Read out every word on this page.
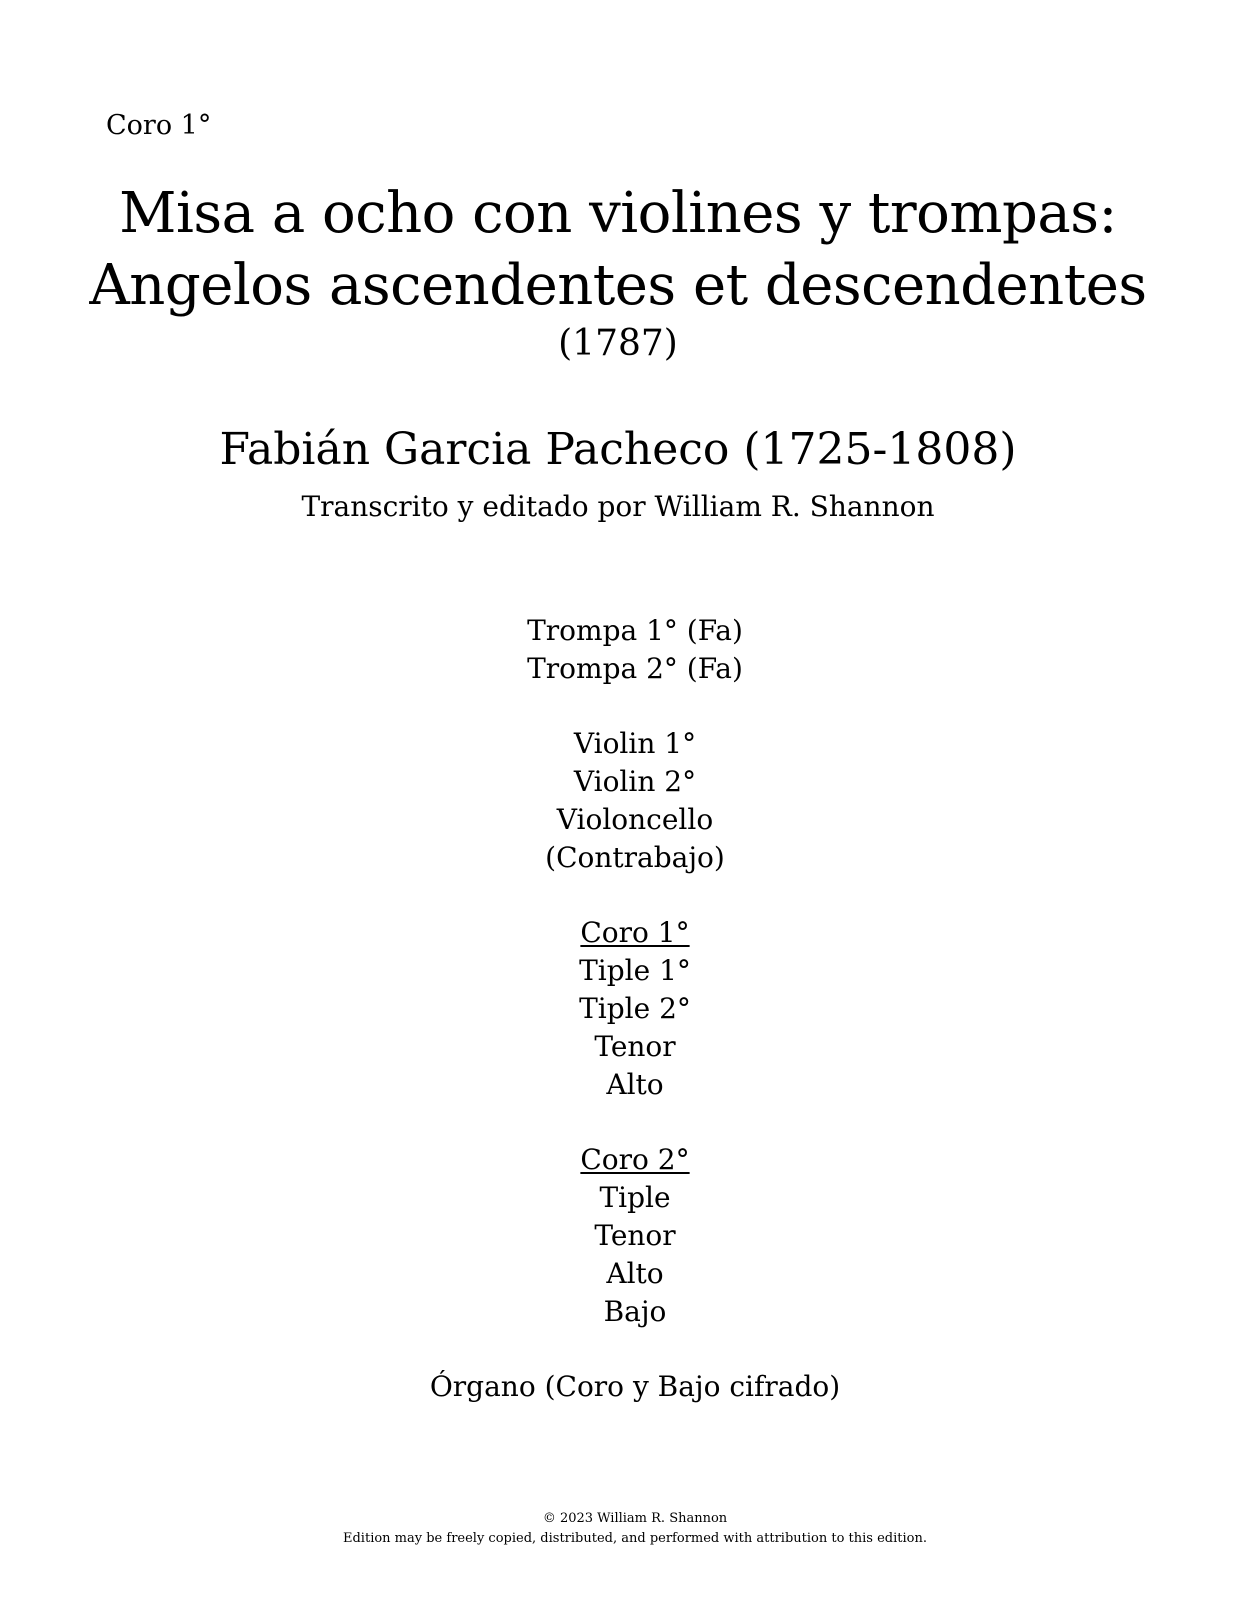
Coro 1°

Misa a ocho con violines y trompas:
Angelos ascendentes et descendentes

(1787)

Fabián Garcia Pacheco (1725-1808)

Transcrito y editado por William R. Shannon

Trompa 1° (Fa)
Trompa 2° (Fa)
Violin 1°
Violin 2°
Violoncello
(Contrabajo)
Coro 1°
Tiple 1°
Tiple 2°
Tenor
Alto
Coro 2°
Tiple
Tenor
Alto
Bajo
Órgano (Coro y Bajo cifrado)
© 2023 William R. Shannon
Edition may be freely copied, distributed, and performed with attribution to this edition.
